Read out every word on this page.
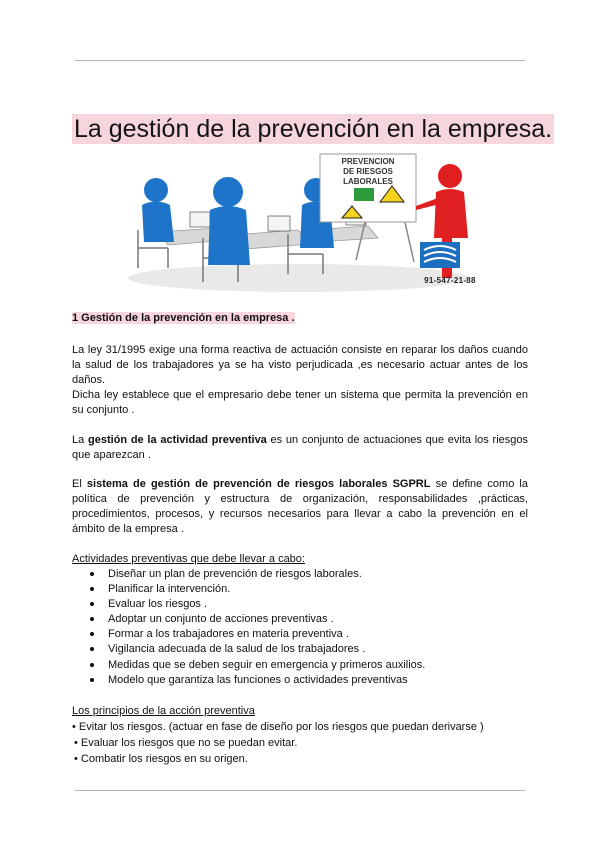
La gestión de la prevención en la empresa.
PREVENCION
DE RIESGOS
LABORALES
91-547-21-88
1 Gestión de la prevención en la empresa .

La ley 31/1995 exige una forma reactiva de actuación consiste en reparar los daños cuando la salud de los trabajadores ya se ha visto perjudicada ,es necesario actuar antes de los daños.

Dicha ley establece que el empresario debe tener un sistema que permita la prevención en su conjunto .

La gestión de la actividad preventiva es un conjunto de actuaciones que evita los riesgos que aparezcan .

El sistema de gestión de prevención de riesgos laborales SGPRL se define como la política de prevención y estructura de organización, responsabilidades ,prácticas, procedimientos, procesos, y recursos necesarios para llevar a cabo la prevención en el ámbito de la empresa .

Actividades preventivas que debe llevar a cabo:
Diseñar un plan de prevención de riesgos laborales.
Planificar la intervención.
Evaluar los riesgos .
Adoptar un conjunto de acciones preventivas .
Formar a los trabajadores en materia preventiva .
Vigilancia adecuada de la salud de los trabajadores .
Medidas que se deben seguir en emergencia y primeros auxilios.
Modelo que garantiza las funciones o actividades preventivas
Los principios de la acción preventiva
• Evitar los riesgos. (actuar en fase de diseño por los riesgos que puedan derivarse )
• Evaluar los riesgos que no se puedan evitar.
• Combatir los riesgos en su origen.
